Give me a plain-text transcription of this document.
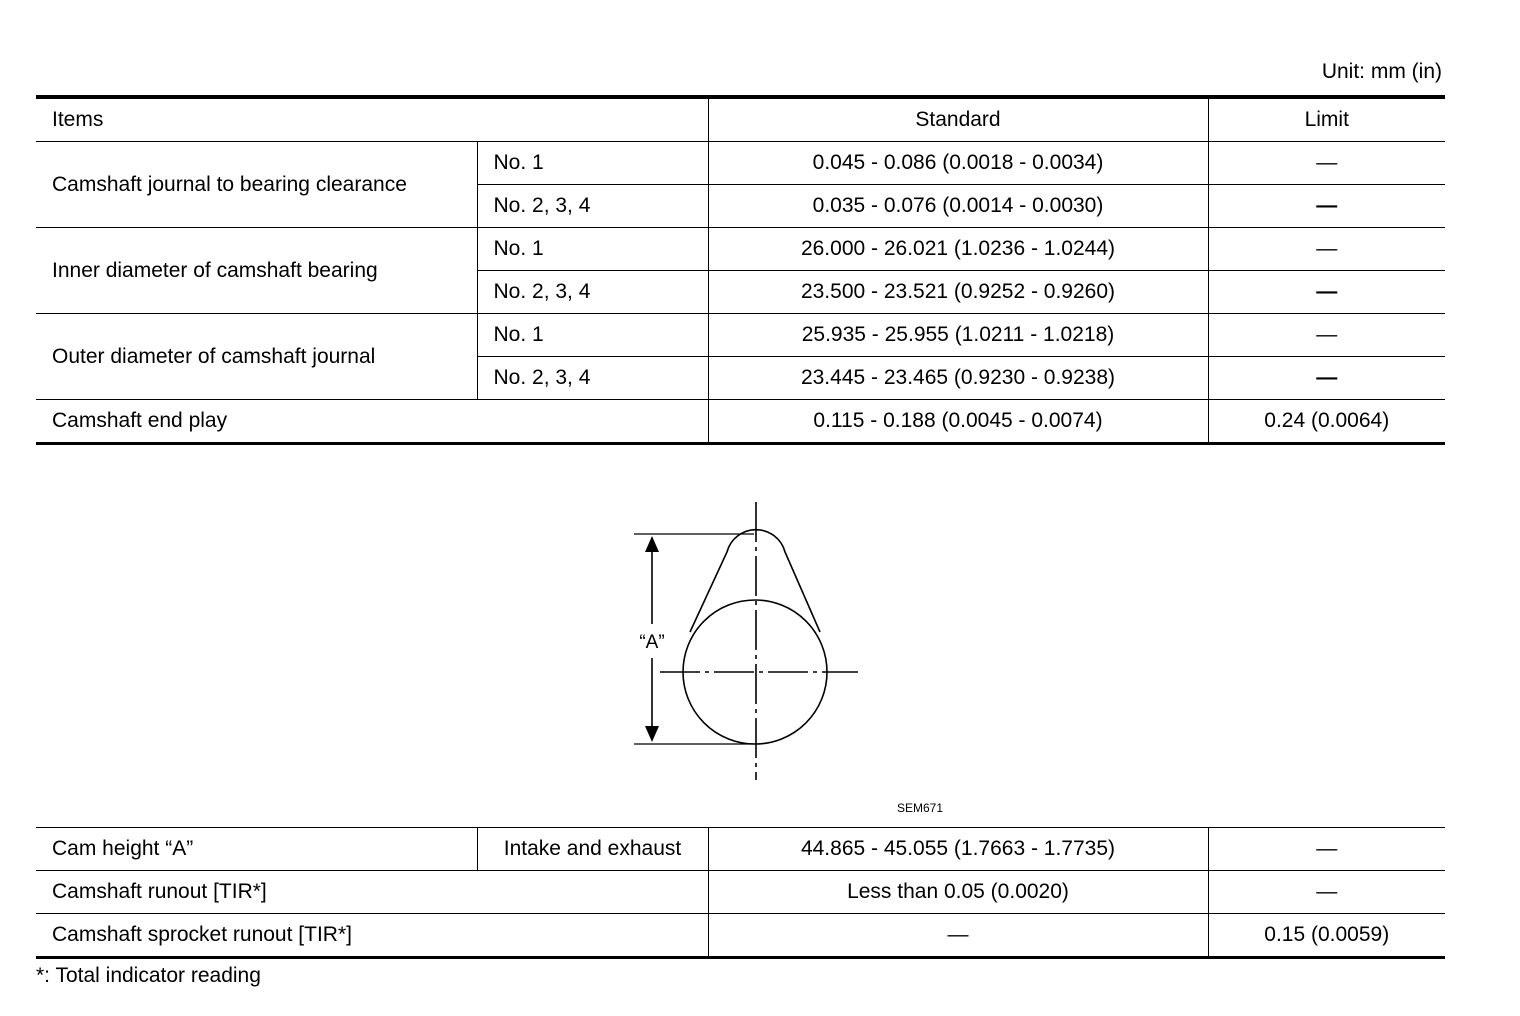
Unit: mm (in)
Items		Standard	Limit
Camshaft journal to bearing clearance	No. 1	0.045 - 0.086 (0.0018 - 0.0034)	—
	No. 2, 3, 4	0.035 - 0.076 (0.0014 - 0.0030)	—
Inner diameter of camshaft bearing	No. 1	26.000 - 26.021 (1.0236 - 1.0244)	—
	No. 2, 3, 4	23.500 - 23.521 (0.9252 - 0.9260)	—
Outer diameter of camshaft journal	No. 1	25.935 - 25.955 (1.0211 - 1.0218)	—
	No. 2, 3, 4	23.445 - 23.465 (0.9230 - 0.9238)	—
Camshaft end play		0.115 - 0.188 (0.0045 - 0.0074)	0.24 (0.0064)
“A”
SEM671
Cam height “A”	Intake and exhaust	44.865 - 45.055 (1.7663 - 1.7735)	—
Camshaft runout [TIR*]		Less than 0.05 (0.0020)	—
Camshaft sprocket runout [TIR*]		—	0.15 (0.0059)
*: Total indicator reading
